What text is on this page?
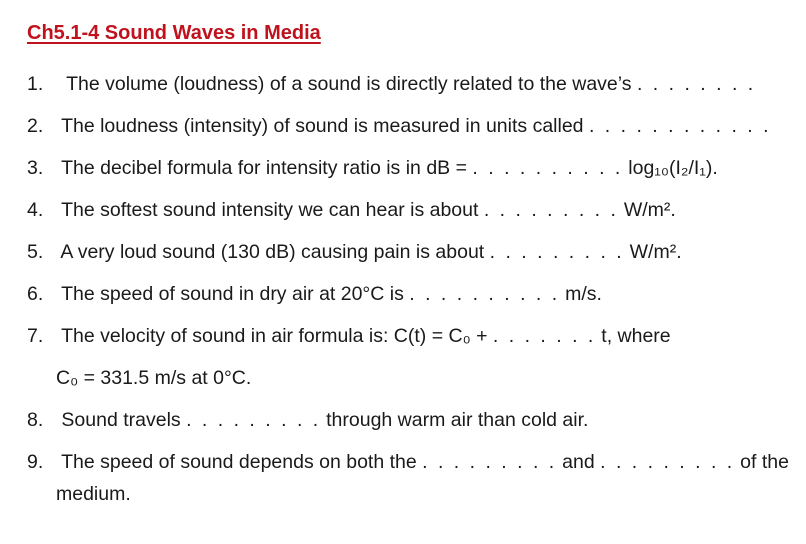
Ch5.1-4 Sound Waves in Media
1. The volume (loudness) of a sound is directly related to the wave’s . . . . . . . .
2. The loudness (intensity) of sound is measured in units called . . . . . . . . . . . .
3. The decibel formula for intensity ratio is in dB = . . . . . . . . . . log₁₀(I₂/I₁).
4. The softest sound intensity we can hear is about . . . . . . . . . W/m².
5. A very loud sound (130 dB) causing pain is about . . . . . . . . . W/m².
6. The speed of sound in dry air at 20°C is . . . . . . . . . . m/s.
7. The velocity of sound in air formula is: C(t) = C₀ + . . . . . . . t, where
C₀ = 331.5 m/s at 0°C.
8. Sound travels . . . . . . . . . through warm air than cold air.
9. The speed of sound depends on both the . . . . . . . . . and . . . . . . . . . of the
medium.
